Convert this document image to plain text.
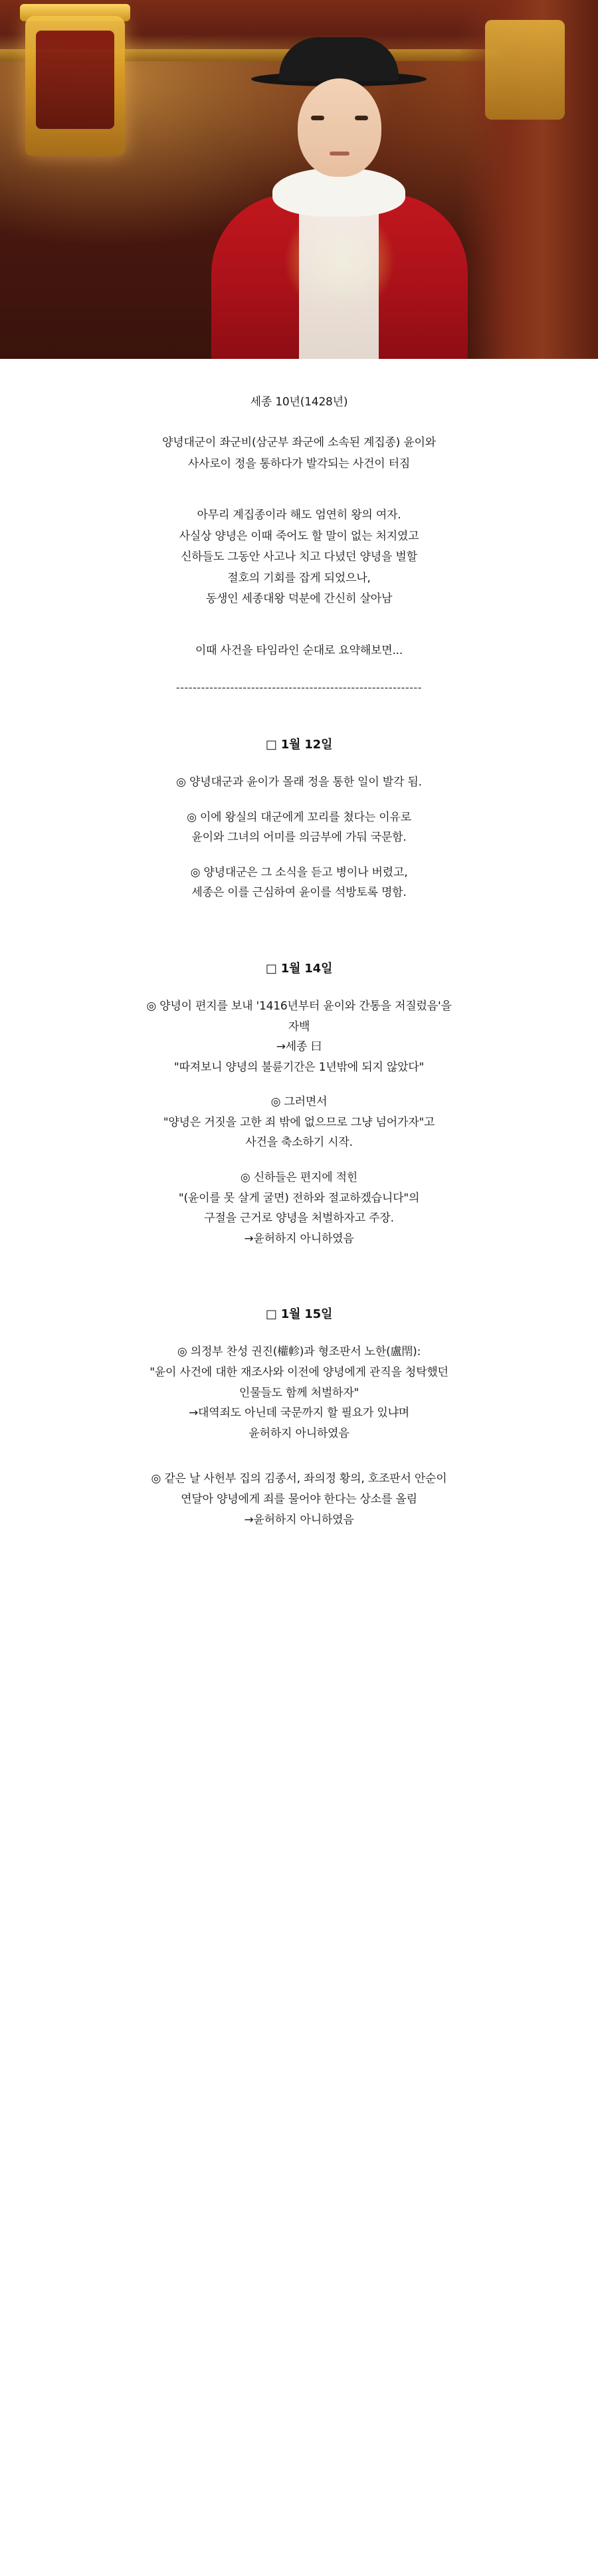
세종 10년(1428년)
양녕대군이 좌군비(삼군부 좌군에 소속된 계집종) 윤이와
사사로이 정을 통하다가 발각되는 사건이 터짐
아무리 계집종이라 해도 엄연히 왕의 여자.
사실상 양녕은 이때 죽어도 할 말이 없는 처지였고
신하들도 그동안 사고나 치고 다녔던 양녕을 벌할
절호의 기회를 잡게 되었으나,
동생인 세종대왕 덕분에 간신히 살아남
이때 사건을 타임라인 순대로 요약해보면...
-----------------------------------------------------------
□ 1월 12일
◎ 양녕대군과 윤이가 몰래 정을 통한 일이 발각 됨.
◎ 이에 왕실의 대군에게 꼬리를 쳤다는 이유로
윤이와 그녀의 어미를 의금부에 가둬 국문함.
◎ 양녕대군은 그 소식을 듣고 병이나 버렸고,
세종은 이를 근심하여 윤이를 석방토록 명함.
□ 1월 14일
◎ 양녕이 편지를 보내 '1416년부터 윤이와 간통을 저질렀음'을
자백
→세종 曰
"따져보니 양녕의 불륜기간은 1년밖에 되지 않았다"
◎ 그러면서
"양녕은 거짓을 고한 죄 밖에 없으므로 그냥 넘어가자"고
사건을 축소하기 시작.
◎ 신하들은 편지에 적힌
"(윤이를 못 살게 굴면) 전하와 절교하겠습니다"의
구절을 근거로 양녕을 처벌하자고 주장.
→윤허하지 아니하였음
□ 1월 15일
◎ 의정부 찬성 권진(權軫)과 형조판서 노한(盧閈):
"윤이 사건에 대한 재조사와 이전에 양녕에게 관직을 청탁했던
인물들도 함께 처벌하자"
→대역죄도 아닌데 국문까지 할 필요가 있냐며
윤허하지 아니하였음
◎ 같은 날 사헌부 집의 김종서, 좌의정 황의, 호조판서 안순이
연달아 양녕에게 죄를 물어야 한다는 상소를 올림
→윤허하지 아니하였음
